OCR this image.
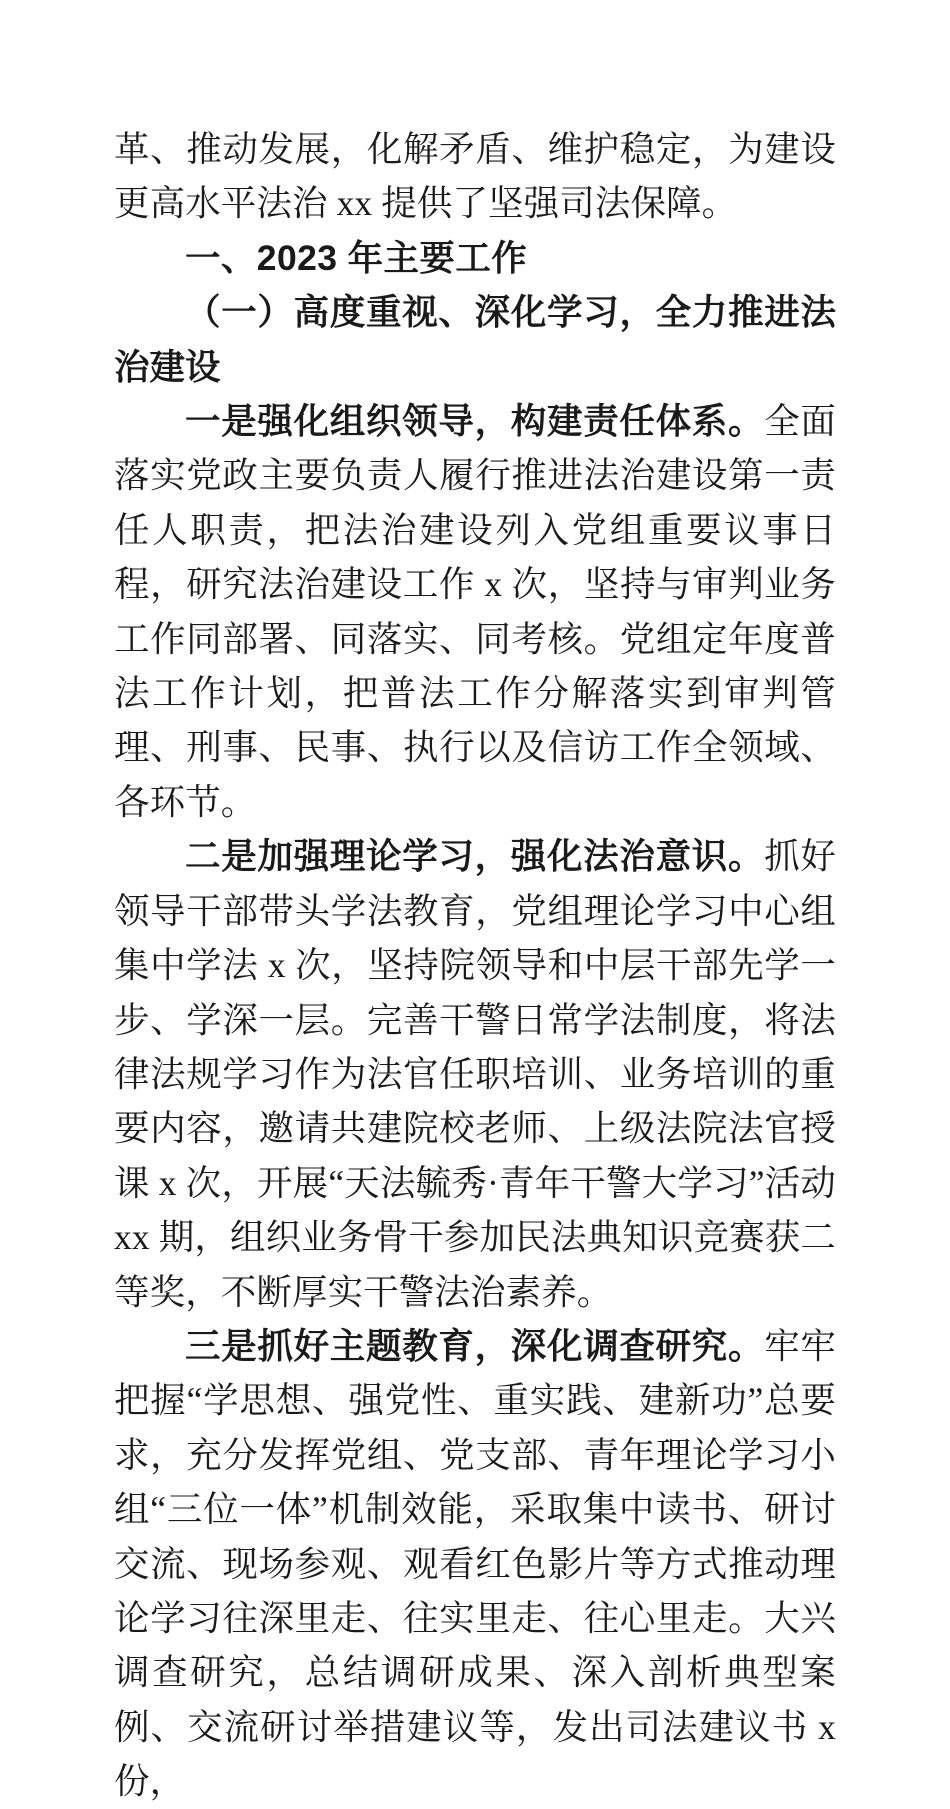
革、推动发展，化解矛盾、维护稳定，为建设更高水平法治 xx 提供了坚强司法保障。

一、2023 年主要工作
（一）高度重视、深化学习，全力推进法治建设

一是强化组织领导，构建责任体系。全面落实党政主要负责人履行推进法治建设第一责任人职责，把法治建设列入党组重要议事日程，研究法治建设工作 x 次，坚持与审判业务工作同部署、同落实、同考核。党组定年度普法工作计划，把普法工作分解落实到审判管理、刑事、民事、执行以及信访工作全领域、各环节。

二是加强理论学习，强化法治意识。抓好领导干部带头学法教育，党组理论学习中心组集中学法 x 次，坚持院领导和中层干部先学一步、学深一层。完善干警日常学法制度，将法律法规学习作为法官任职培训、业务培训的重要内容，邀请共建院校老师、上级法院法官授课 x 次，开展“天法毓秀·青年干警大学习”活动 xx 期，组织业务骨干参加民法典知识竞赛获二等奖，不断厚实干警法治素养。

三是抓好主题教育，深化调查研究。牢牢把握“学思想、强党性、重实践、建新功”总要求，充分发挥党组、党支部、青年理论学习小组“三位一体”机制效能，采取集中读书、研讨交流、现场参观、观看红色影片等方式推动理论学习往深里走、往实里走、往心里走。大兴调查研究，总结调研成果、深入剖析典型案例、交流研讨举措建议等，发出司法建议书 x 份，
